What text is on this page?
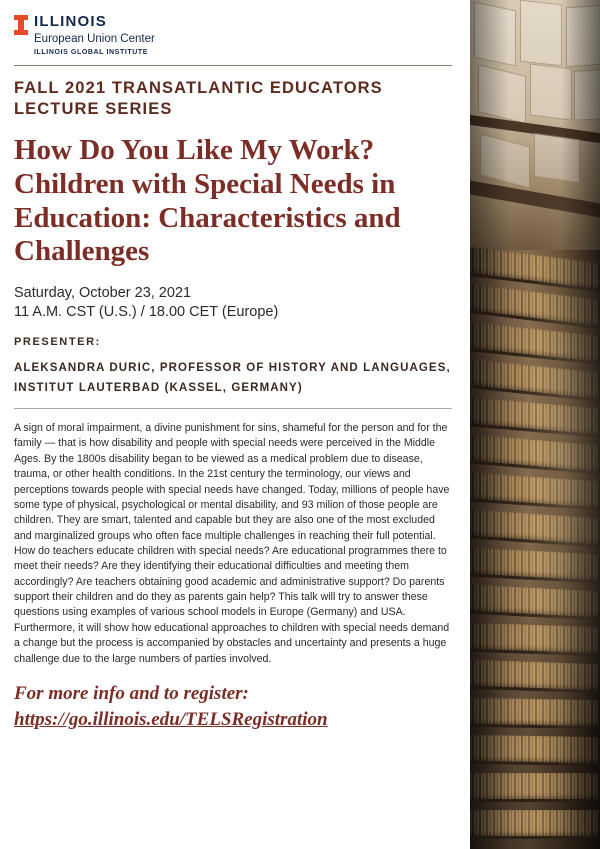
ILLINOIS
European Union Center
ILLINOIS GLOBAL INSTITUTE
FALL 2021 TRANSATLANTIC EDUCATORS LECTURE SERIES
How Do You Like My Work? Children with Special Needs in Education: Characteristics and Challenges

Saturday, October 23, 2021

11 A.M. CST (U.S.) / 18.00 CET (Europe)

PRESENTER:

ALEKSANDRA DURIC, PROFESSOR OF HISTORY AND LANGUAGES, INSTITUT LAUTERBAD (KASSEL, GERMANY)

A sign of moral impairment, a divine punishment for sins, shameful for the person and for the family — that is how disability and people with special needs were perceived in the Middle Ages. By the 1800s disability began to be viewed as a medical problem due to disease, trauma, or other health conditions. In the 21st century the terminology, our views and perceptions towards people with special needs have changed. Today, millions of people have some type of physical, psychological or mental disability, and 93 milion of those people are children. They are smart, talented and capable but they are also one of the most excluded and marginalized groups who often face multiple challenges in reaching their full potential. How do teachers educate children with special needs? Are educational programmes there to meet their needs? Are they identifying their educational difficulties and meeting them accordingly? Are teachers obtaining good academic and administrative support? Do parents support their children and do they as parents gain help? This talk will try to answer these questions using examples of various school models in Europe (Germany) and USA. Furthermore, it will show how educational approaches to children with special needs demand a change but the process is accompanied by obstacles and uncertainty and presents a huge challenge due to the large numbers of parties involved.

For more info and to register:

https://go.illinois.edu/TELSRegistration
